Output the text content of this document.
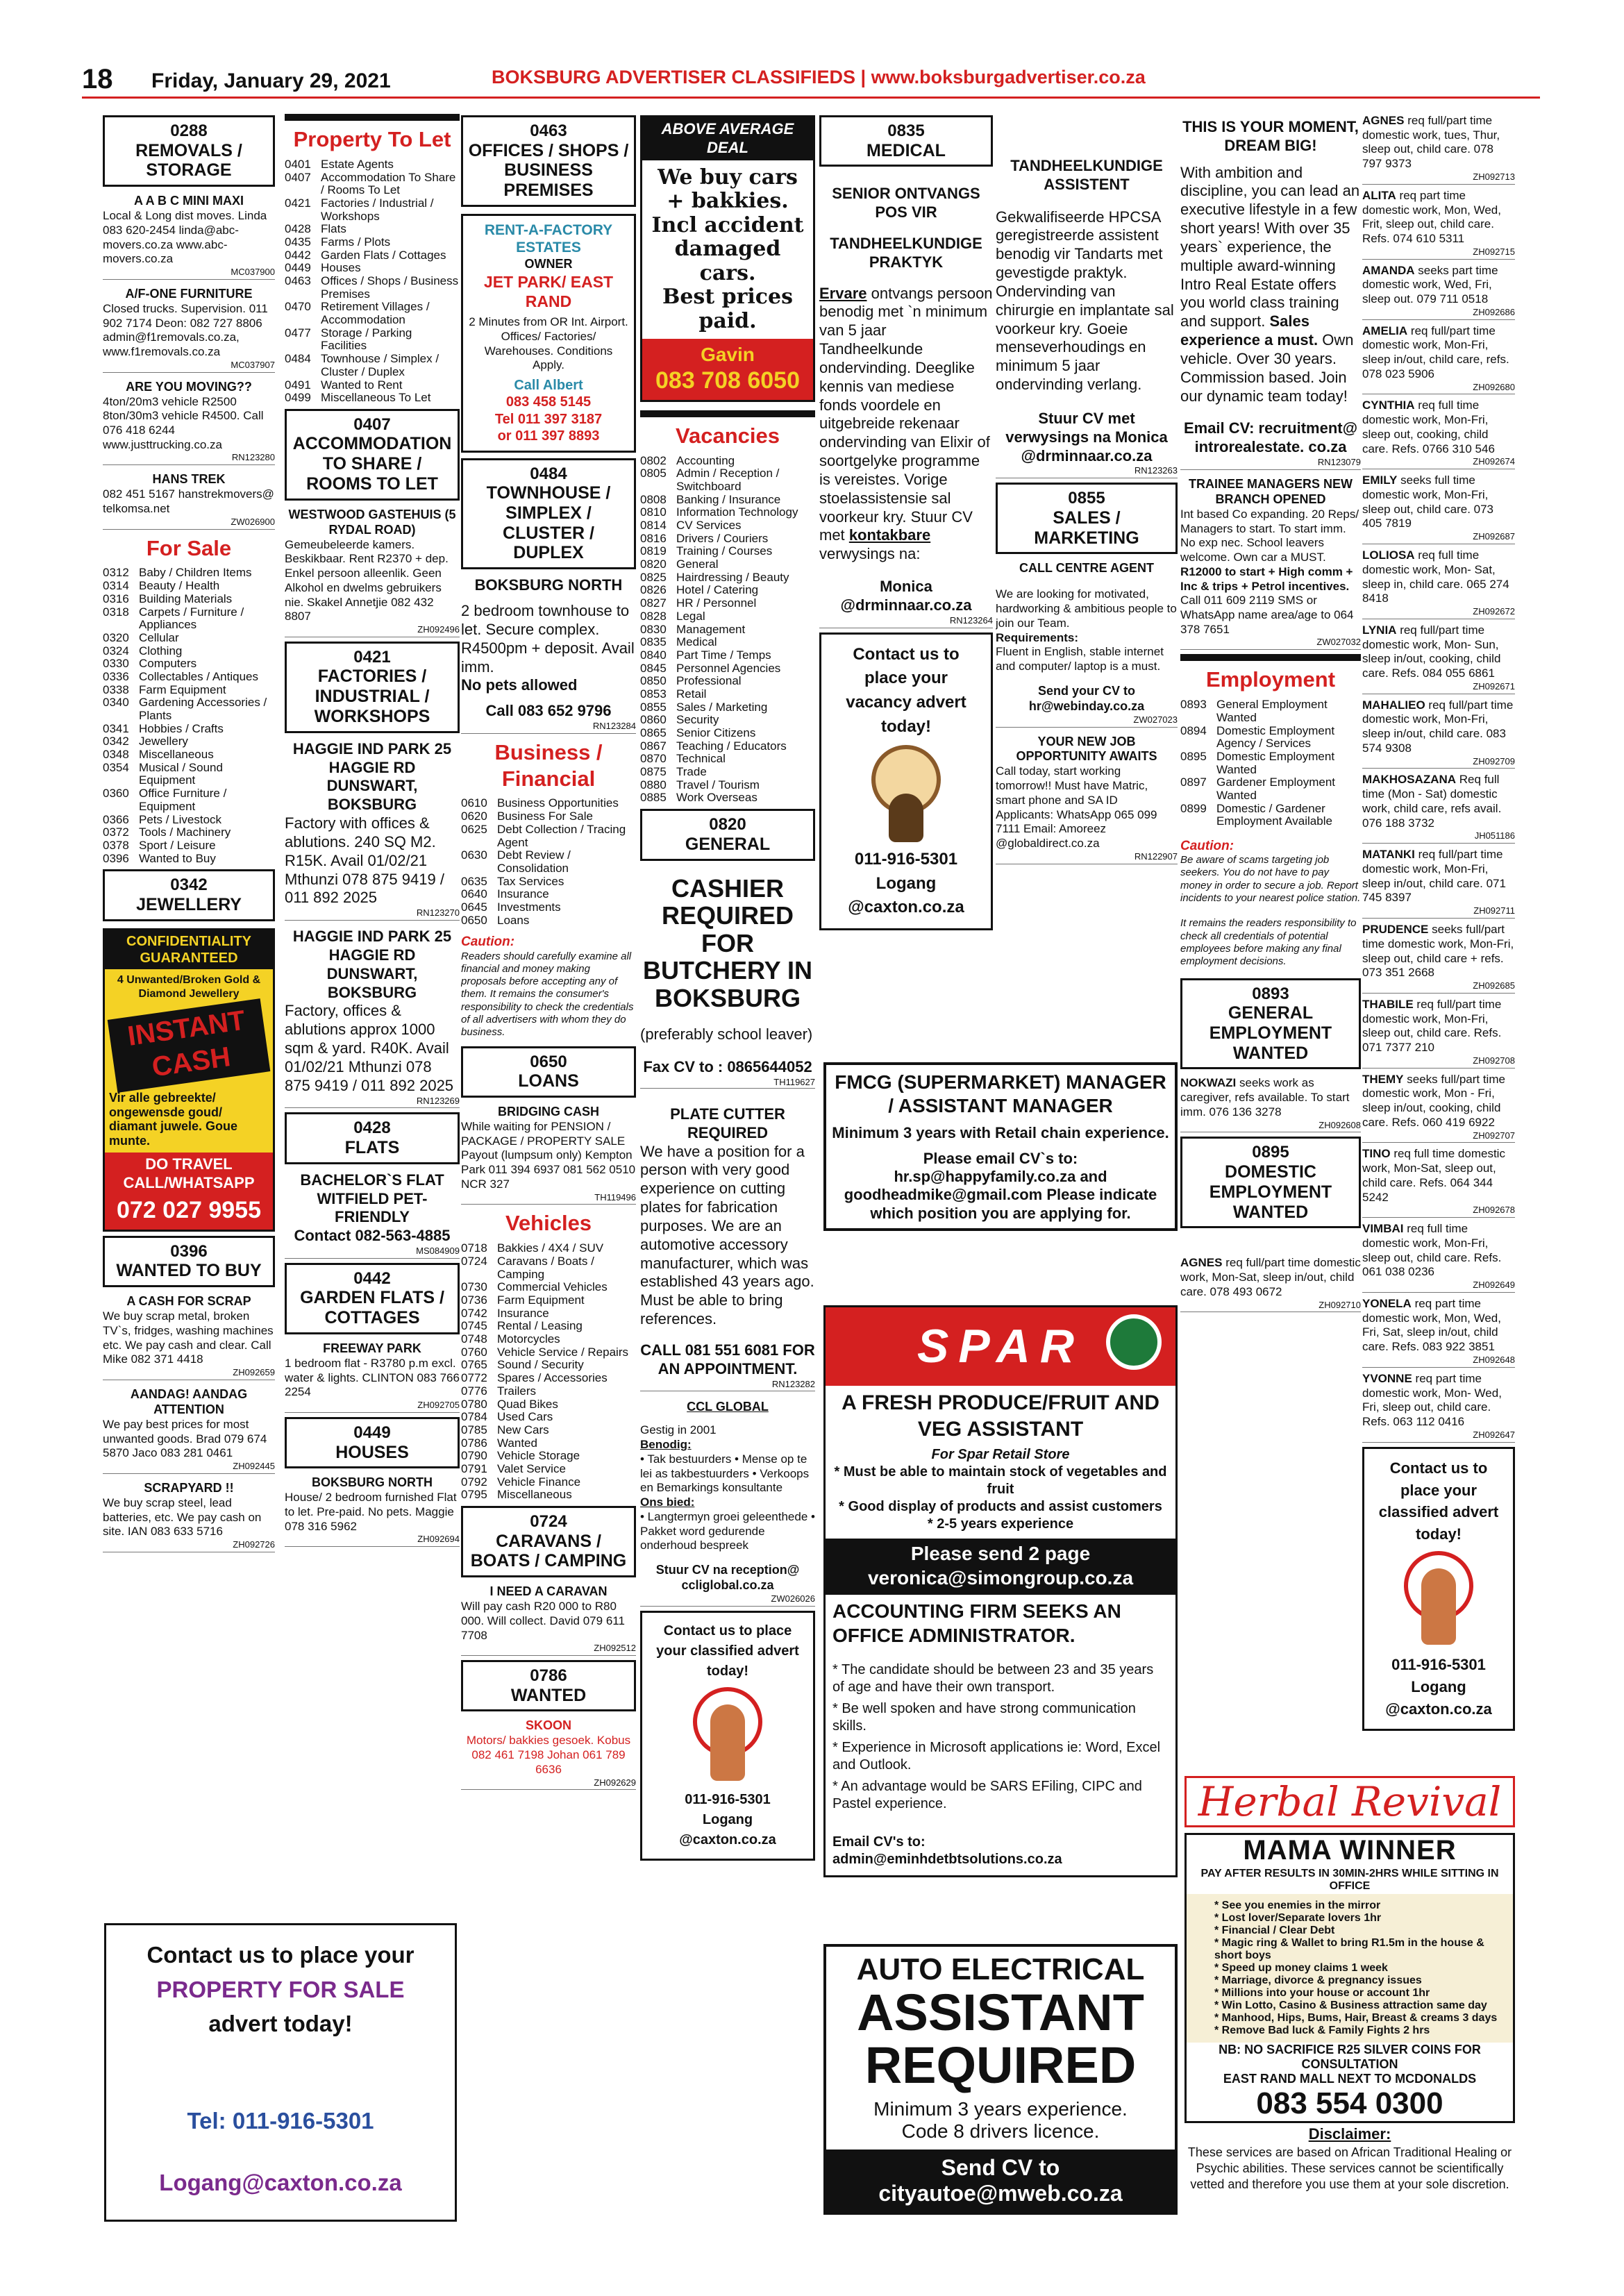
18 Friday, January 29, 2021	BOKSBURG ADVERTISER CLASSIFIEDS | www.boksburgadvertiser.co.za
0288
REMOVALS / STORAGE
A A B C MINI MAXI
Local & Long dist moves. Linda 083 620-2454 linda@abc-movers.co.za www.abc-movers.co.za
MC037900
A/F-ONE FURNITURE
Closed trucks. Supervision. 011 902 7174 Deon: 082 727 8806 admin@f1removals.co.za, www.f1removals.co.za
MC037907
ARE YOU MOVING??
4ton/20m3 vehicle R2500 8ton/30m3 vehicle R4500. Call 076 418 6244 www.justtrucking.co.za
RN123280
HANS TREK
082 451 5167 hanstrekmovers@ telkomsa.net
ZW026900
For Sale
0312 Baby / Children Items
0314 Beauty / Health
0316 Building Materials
0318 Carpets / Furniture / Appliances
0320 Cellular
0324 Clothing
0330 Computers
0336 Collectables / Antiques
0338 Farm Equipment
0340 Gardening Accessories / Plants
0341 Hobbies / Crafts
0342 Jewellery
0348 Miscellaneous
0354 Musical / Sound Equipment
0360 Office Furniture / Equipment
0366 Pets / Livestock
0372 Tools / Machinery
0378 Sport / Leisure
0396 Wanted to Buy
0342
JEWELLERY
CONFIDENTIALITY GUARANTEED
4 Unwanted/Broken Gold & Diamond Jewellery
INSTANT CASH
Vir alle gebreekte/ ongewensde goud/ diamant juwele. Goue munte.
DO TRAVEL CALL/WHATSAPP
072 027 9955
0396
WANTED TO BUY
A CASH FOR SCRAP
We buy scrap metal, broken TV`s, fridges, washing machines etc. We pay cash and clear. Call Mike 082 371 4418
ZH092659
AANDAG! AANDAG ATTENTION
We pay best prices for most unwanted goods. Brad 079 674 5870 Jaco 083 281 0461
ZH092445
SCRAPYARD !!
We buy scrap steel, lead batteries, etc. We pay cash on site. IAN 083 633 5716
ZH092726
Property To Let
0401 Estate Agents
0407 Accommodation To Share / Rooms To Let
0421 Factories / Industrial / Workshops
0428 Flats
0435 Farms / Plots
0442 Garden Flats / Cottages
0449 Houses
0463 Offices / Shops / Business Premises
0470 Retirement Villages / Accommodation
0477 Storage / Parking Facilities
0484 Townhouse / Simplex / Cluster / Duplex
0491 Wanted to Rent
0499 Miscellaneous To Let
0407
ACCOMMODATION TO SHARE / ROOMS TO LET
WESTWOOD GASTEHUIS (5 RYDAL ROAD)
Gemeubeleerde kamers. Beskikbaar. Rent R2370 + dep. Enkel persoon alleenlik. Geen Alkohol en dwelms gebruikers nie. Skakel Annetjie 082 432 8807
ZH092496
0421
FACTORIES / INDUSTRIAL / WORKSHOPS
HAGGIE IND PARK 25 HAGGIE RD DUNSWART, BOKSBURG
Factory with offices & ablutions. 240 SQ M2. R15K. Avail 01/02/21 Mthunzi 078 875 9419 / 011 892 2025
RN123270
HAGGIE IND PARK 25 HAGGIE RD DUNSWART, BOKSBURG
Factory, offices & ablutions approx 1000 sqm & yard. R40K. Avail 01/02/21 Mthunzi 078 875 9419 / 011 892 2025
RN123269
0428
FLATS
BACHELOR`S FLAT WITFIELD PET-FRIENDLY
Contact 082-563-4885
MS084909
0442
GARDEN FLATS / COTTAGES
FREEWAY PARK
1 bedroom flat - R3780 p.m excl. water & lights. CLINTON 083 766 2254
ZH092705
0449
HOUSES
BOKSBURG NORTH
House/ 2 bedroom furnished Flat to let. Pre-paid. No pets. Maggie 078 316 5962
ZH092694
Contact us to place your
PROPERTY FOR SALE
advert today!
Tel: 011-916-5301
Logang@caxton.co.za
0463
OFFICES / SHOPS / BUSINESS PREMISES
RENT-A-FACTORY
ESTATES
OWNER
JET PARK/ EAST RAND
2 Minutes from OR Int. Airport. Offices/ Factories/ Warehouses. Conditions Apply.
Call Albert
083 458 5145
Tel 011 397 3187
or 011 397 8893
0484
TOWNHOUSE / SIMPLEX / CLUSTER / DUPLEX
BOKSBURG NORTH
2 bedroom townhouse to let. Secure complex. R4500pm + deposit. Avail imm.
No pets allowed
Call 083 652 9796
RN123284
Business / Financial
0610 Business Opportunities
0620 Business For Sale
0625 Debt Collection / Tracing Agent
0630 Debt Review / Consolidation
0635 Tax Services
0640 Insurance
0645 Investments
0650 Loans
Caution:
Readers should carefully examine all financial and money making proposals before accepting any of them. It remains the consumer's responsibility to check the credentials of all advertisers with whom they do business.
0650
LOANS
BRIDGING CASH
While waiting for PENSION / PACKAGE / PROPERTY SALE Payout (lumpsum only) Kempton Park 011 394 6937 081 562 0510 NCR 327
TH119496
Vehicles
0718 Bakkies / 4X4 / SUV
0724 Caravans / Boats / Camping
0730 Commercial Vehicles
0736 Farm Equipment
0742 Insurance
0745 Rental / Leasing
0748 Motorcycles
0760 Vehicle Service / Repairs
0765 Sound / Security
0772 Spares / Accessories
0776 Trailers
0780 Quad Bikes
0784 Used Cars
0785 New Cars
0786 Wanted
0790 Vehicle Storage
0791 Valet Service
0792 Vehicle Finance
0795 Miscellaneous
0724
CARAVANS / BOATS / CAMPING
I NEED A CARAVAN
Will pay cash R20 000 to R80 000. Will collect. David 079 611 7708
ZH092512
0786
WANTED
SKOON
Motors/ bakkies gesoek. Kobus 082 461 7198 Johan 061 789 6636
ZH092629
ABOVE AVERAGE DEAL
We buy cars
+ bakkies.
Incl accident
damaged cars.
Best prices paid.
Gavin
083 708 6050
Vacancies
0802 Accounting
0805 Admin / Reception / Switchboard
0808 Banking / Insurance
0810 Information Technology
0814 CV Services
0816 Drivers / Couriers
0819 Training / Courses
0820 General
0825 Hairdressing / Beauty
0826 Hotel / Catering
0827 HR / Personnel
0828 Legal
0830 Management
0835 Medical
0840 Part Time / Temps
0845 Personnel Agencies
0850 Professional
0853 Retail
0855 Sales / Marketing
0860 Security
0865 Senior Citizens
0867 Teaching / Educators
0870 Technical
0875 Trade
0880 Travel / Tourism
0885 Work Overseas
0820
GENERAL
CASHIER REQUIRED FOR BUTCHERY IN BOKSBURG
(preferably school leaver)
Fax CV to : 0865644052
TH119627
PLATE CUTTER REQUIRED
We have a position for a person with very good experience on cutting plates for fabrication purposes. We are an automotive accessory manufacturer, which was established 43 years ago. Must be able to bring references.
CALL 081 551 6081 FOR AN APPOINTMENT.
RN123282
CCL GLOBAL
Gestig in 2001
Benodig:
• Tak bestuurders • Mense op te lei as takbestuurders • Verkoops en Bemarkings konsultante
Ons bied:
• Langtermyn groei geleenthede • Pakket word gedurende onderhoud bespreek
Stuur CV na reception@ ccliglobal.co.za
ZW026026
Contact us to place your classified advert today!
011-916-5301
Logang
@caxton.co.za
0835
MEDICAL
SENIOR ONTVANGS POS VIR
TANDHEELKUNDIGE PRAKTYK
Ervare ontvangs persoon benodig met `n minimum van 5 jaar Tandheelkunde ondervinding. Deeglike kennis van mediese fonds voordele en uitgebreide rekenaar ondervinding van Elixir of soortgelyke programme is vereistes. Vorige stoelassistensie sal voorkeur kry. Stuur CV met kontakbare verwysings na:
Monica @drminnaar.co.za
RN123264
Contact us to place your vacancy advert today!
011-916-5301
Logang
@caxton.co.za
TANDHEELKUNDIGE ASSISTENT
Gekwalifiseerde HPCSA geregistreerde assistent benodig vir Tandarts met gevestigde praktyk. Ondervinding van chirurgie en implantate sal voorkeur kry. Goeie menseverhoudings en minimum 5 jaar ondervinding verlang.
Stuur CV met verwysings na Monica @drminnaar.co.za
RN123263
0855
SALES / MARKETING
CALL CENTRE AGENT
We are looking for motivated, hardworking & ambitious people to join our Team.
Requirements:
Fluent in English, stable internet and computer/ laptop is a must.
Send your CV to hr@webinday.co.za
ZW027023
YOUR NEW JOB OPPORTUNITY AWAITS
Call today, start working tomorrow!! Must have Matric, smart phone and SA ID Applicants: WhatsApp 065 099 7111 Email: Amoreez @globaldirect.co.za
RN122907
FMCG (SUPERMARKET) MANAGER / ASSISTANT MANAGER
Minimum 3 years with Retail chain experience.
Please email CV`s to: hr.sp@happyfamily.co.za and goodheadmike@gmail.com Please indicate which position you are applying for.
SPAR
A FRESH PRODUCE/FRUIT AND VEG ASSISTANT
For Spar Retail Store
* Must be able to maintain stock of vegetables and fruit
* Good display of products and assist customers
* 2-5 years experience
Please send 2 page
veronica@simongroup.co.za
ACCOUNTING FIRM SEEKS AN OFFICE ADMINISTRATOR.
* The candidate should be between 23 and 35 years of age and have their own transport.
* Be well spoken and have strong communication skills.
* Experience in Microsoft applications ie: Word, Excel and Outlook.
* An advantage would be SARS EFiling, CIPC and Pastel experience.
Email CV's to:
admin@eminhdetbtsolutions.co.za
AUTO ELECTRICAL
ASSISTANT
REQUIRED
Minimum 3 years experience.
Code 8 drivers licence.
Send CV to
cityautoe@mweb.co.za
THIS IS YOUR MOMENT, DREAM BIG!
With ambition and discipline, you can lead an executive lifestyle in a few short years! With over 35 years` experience, the multiple award-winning Intro Real Estate offers you world class training and support. Sales experience a must. Own vehicle. Over 30 years. Commission based. Join our dynamic team today!
Email CV: recruitment@ introrealestate. co.za
RN123079
TRAINEE MANAGERS NEW BRANCH OPENED
Int based Co expanding. 20 Reps/ Managers to start. To start imm. No exp nec. School leavers welcome. Own car a MUST.
R12000 to start + High comm + Inc & trips + Petrol incentives.
Call 011 609 2119 SMS or WhatsApp name area/age to 064 378 7651
ZW027032
Employment
0893 General Employment Wanted
0894 Domestic Employment Agency / Services
0895 Domestic Employment Wanted
0897 Gardener Employment Wanted
0899 Domestic / Gardener Employment Available
Caution:
Be aware of scams targeting job seekers. You do not have to pay money in order to secure a job. Report incidents to your nearest police station.
It remains the readers responsibility to check all credentials of potential employees before making any final employment decisions.
0893
GENERAL EMPLOYMENT WANTED
NOKWAZI seeks work as caregiver, refs available. To start imm. 076 136 3278
ZH092608
0895
DOMESTIC EMPLOYMENT WANTED
AGNES req full/part time domestic work, Mon-Sat, sleep in/out, child care. 078 493 0672
ZH092710
AGNES req full/part time domestic work, tues, Thur, sleep out, child care. 078 797 9373
ZH092713
ALITA req part time domestic work, Mon, Wed, Frit, sleep out, child care. Refs. 074 610 5311
ZH092715
AMANDA seeks part time domestic work, Wed, Fri, sleep out. 079 711 0518
ZH092686
AMELIA req full/part time domestic work, Mon-Fri, sleep in/out, child care, refs. 078 023 5906
ZH092680
CYNTHIA req full time domestic work, Mon-Fri, sleep out, cooking, child care. Refs. 0766 310 546
ZH092674
EMILY seeks full time domestic work, Mon-Fri, sleep out, child care. 073 405 7819
ZH092687
LOLIOSA req full time domestic work, Mon- Sat, sleep in, child care. 065 274 8418
ZH092672
LYNIA req full/part time domestic work, Mon- Sun, sleep in/out, cooking, child care. Refs. 084 055 6861
ZH092671
MAHALIEO req full/part time domestic work, Mon-Fri, sleep in/out, child care. 083 574 9308
ZH092709
MAKHOSAZANA Req full time (Mon - Sat) domestic work, child care, refs avail. 076 188 3732
JH051186
MATANKI req full/part time domestic work, Mon-Fri, sleep in/out, child care. 071 745 8397
ZH092711
PRUDENCE seeks full/part time domestic work, Mon-Fri, sleep out, child care + refs. 073 351 2668
ZH092685
THABILE req full/part time domestic work, Mon-Fri, sleep out, child care. Refs. 071 7377 210
ZH092708
THEMY seeks full/part time domestic work, Mon - Fri, sleep in/out, cooking, child care. Refs. 060 419 6922
ZH092707
TINO req full time domestic work, Mon-Sat, sleep out, child care. Refs. 064 344 5242
ZH092678
VIMBAI req full time domestic work, Mon-Fri, sleep out, child care. Refs. 061 038 0236
ZH092649
YONELA req part time domestic work, Mon, Wed, Fri, Sat, sleep in/out, child care. Refs. 083 922 3851
ZH092648
YVONNE req part time domestic work, Mon- Wed, Fri, sleep out, child care. Refs. 063 112 0416
ZH092647
Contact us to place your classified advert today!
011-916-5301
Logang
@caxton.co.za
Herbal Revival
MAMA WINNER
PAY AFTER RESULTS IN 30MIN-2HRS WHILE SITTING IN OFFICE
* See you enemies in the mirror
* Lost lover/Separate lovers 1hr
* Financial / Clear Debt
* Magic ring & Wallet to bring R1.5m in the house & short boys
* Speed up money claims 1 week
* Marriage, divorce & pregnancy issues
* Millions into your house or account 1hr
* Win Lotto, Casino & Business attraction same day
* Manhood, Hips, Bums, Hair, Breast & creams 3 days
* Remove Bad luck & Family Fights 2 hrs
NB: NO SACRIFICE R25 SILVER COINS FOR CONSULTATION
EAST RAND MALL NEXT TO MCDONALDS
083 554 0300
Disclaimer:
These services are based on African Traditional Healing or Psychic abilities. These services cannot be scientifically vetted and therefore you use them at your sole discretion.
